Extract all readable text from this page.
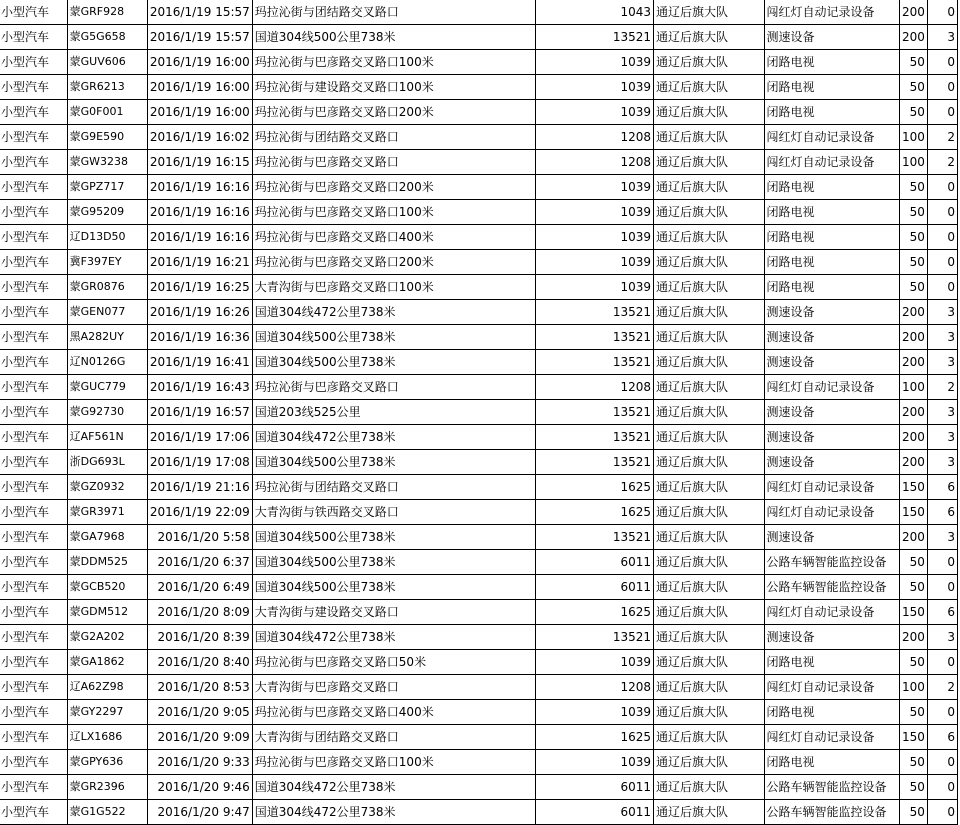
小型汽车	蒙GRF928	2016/1/19 15:57	玛拉沁街与团结路交叉路口	1043	通辽后旗大队	闯红灯自动记录设备	200	0
小型汽车	蒙G5G658	2016/1/19 15:57	国道304线500公里738米	13521	通辽后旗大队	测速设备	200	3
小型汽车	蒙GUV606	2016/1/19 16:00	玛拉沁街与巴彦路交叉路口100米	1039	通辽后旗大队	闭路电视	50	0
小型汽车	蒙GR6213	2016/1/19 16:00	玛拉沁街与建设路交叉路口100米	1039	通辽后旗大队	闭路电视	50	0
小型汽车	蒙G0F001	2016/1/19 16:00	玛拉沁街与巴彦路交叉路口200米	1039	通辽后旗大队	闭路电视	50	0
小型汽车	蒙G9E590	2016/1/19 16:02	玛拉沁街与团结路交叉路口	1208	通辽后旗大队	闯红灯自动记录设备	100	2
小型汽车	蒙GW3238	2016/1/19 16:15	玛拉沁街与巴彦路交叉路口	1208	通辽后旗大队	闯红灯自动记录设备	100	2
小型汽车	蒙GPZ717	2016/1/19 16:16	玛拉沁街与巴彦路交叉路口200米	1039	通辽后旗大队	闭路电视	50	0
小型汽车	蒙G95209	2016/1/19 16:16	玛拉沁街与巴彦路交叉路口100米	1039	通辽后旗大队	闭路电视	50	0
小型汽车	辽D13D50	2016/1/19 16:16	玛拉沁街与巴彦路交叉路口400米	1039	通辽后旗大队	闭路电视	50	0
小型汽车	冀F397EY	2016/1/19 16:21	玛拉沁街与巴彦路交叉路口200米	1039	通辽后旗大队	闭路电视	50	0
小型汽车	蒙GR0876	2016/1/19 16:25	大青沟街与巴彦路交叉路口100米	1039	通辽后旗大队	闭路电视	50	0
小型汽车	蒙GEN077	2016/1/19 16:26	国道304线472公里738米	13521	通辽后旗大队	测速设备	200	3
小型汽车	黑A282UY	2016/1/19 16:36	国道304线500公里738米	13521	通辽后旗大队	测速设备	200	3
小型汽车	辽N0126G	2016/1/19 16:41	国道304线500公里738米	13521	通辽后旗大队	测速设备	200	3
小型汽车	蒙GUC779	2016/1/19 16:43	玛拉沁街与巴彦路交叉路口	1208	通辽后旗大队	闯红灯自动记录设备	100	2
小型汽车	蒙G92730	2016/1/19 16:57	国道203线525公里	13521	通辽后旗大队	测速设备	200	3
小型汽车	辽AF561N	2016/1/19 17:06	国道304线472公里738米	13521	通辽后旗大队	测速设备	200	3
小型汽车	浙DG693L	2016/1/19 17:08	国道304线500公里738米	13521	通辽后旗大队	测速设备	200	3
小型汽车	蒙GZ0932	2016/1/19 21:16	玛拉沁街与团结路交叉路口	1625	通辽后旗大队	闯红灯自动记录设备	150	6
小型汽车	蒙GR3971	2016/1/19 22:09	大青沟街与铁西路交叉路口	1625	通辽后旗大队	闯红灯自动记录设备	150	6
小型汽车	蒙GA7968	2016/1/20 5:58	国道304线500公里738米	13521	通辽后旗大队	测速设备	200	3
小型汽车	蒙DDM525	2016/1/20 6:37	国道304线500公里738米	6011	通辽后旗大队	公路车辆智能监控设备	50	0
小型汽车	蒙GCB520	2016/1/20 6:49	国道304线500公里738米	6011	通辽后旗大队	公路车辆智能监控设备	50	0
小型汽车	蒙GDM512	2016/1/20 8:09	大青沟街与建设路交叉路口	1625	通辽后旗大队	闯红灯自动记录设备	150	6
小型汽车	蒙G2A202	2016/1/20 8:39	国道304线472公里738米	13521	通辽后旗大队	测速设备	200	3
小型汽车	蒙GA1862	2016/1/20 8:40	玛拉沁街与巴彦路交叉路口50米	1039	通辽后旗大队	闭路电视	50	0
小型汽车	辽A62Z98	2016/1/20 8:53	大青沟街与巴彦路交叉路口	1208	通辽后旗大队	闯红灯自动记录设备	100	2
小型汽车	蒙GY2297	2016/1/20 9:05	玛拉沁街与巴彦路交叉路口400米	1039	通辽后旗大队	闭路电视	50	0
小型汽车	辽LX1686	2016/1/20 9:09	大青沟街与团结路交叉路口	1625	通辽后旗大队	闯红灯自动记录设备	150	6
小型汽车	蒙GPY636	2016/1/20 9:33	玛拉沁街与巴彦路交叉路口100米	1039	通辽后旗大队	闭路电视	50	0
小型汽车	蒙GR2396	2016/1/20 9:46	国道304线472公里738米	6011	通辽后旗大队	公路车辆智能监控设备	50	0
小型汽车	蒙G1G522	2016/1/20 9:47	国道304线472公里738米	6011	通辽后旗大队	公路车辆智能监控设备	50	0
